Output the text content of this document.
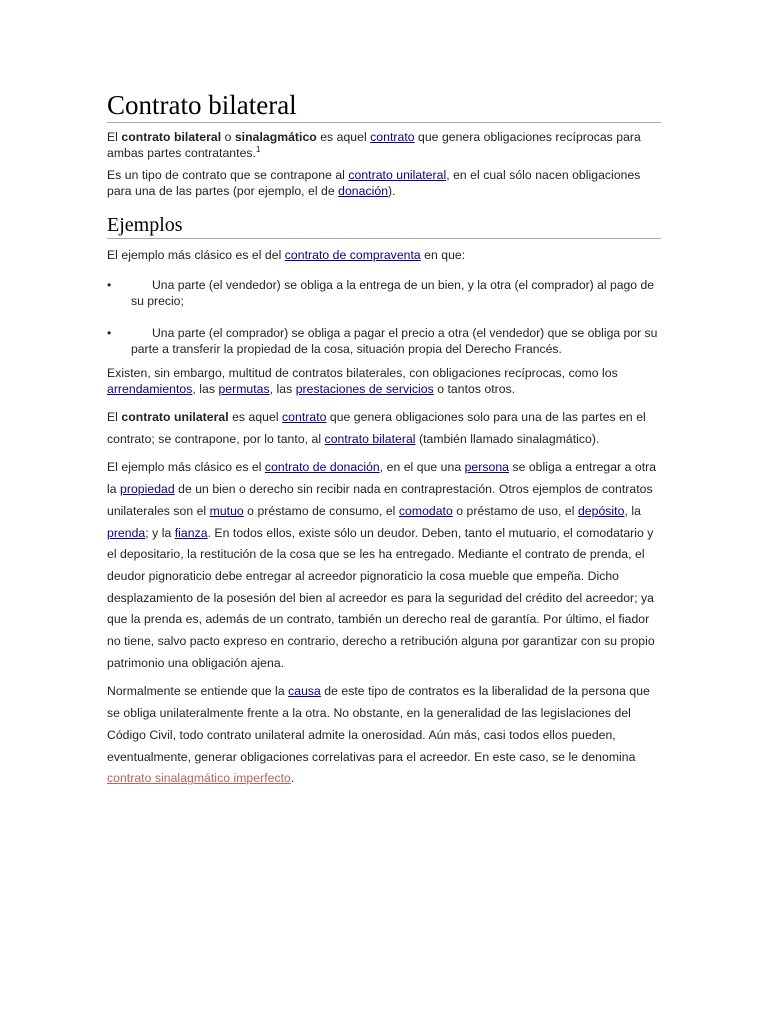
Contrato bilateral

El contrato bilateral o sinalagmático es aquel contrato que genera obligaciones recíprocas para ambas partes contratantes.$^1$

Es un tipo de contrato que se contrapone al contrato unilateral, en el cual sólo nacen obligaciones para una de las partes (por ejemplo, el de donación).

Ejemplos

El ejemplo más clásico es el del contrato de compraventa en que:

•	Una parte (el vendedor) se obliga a la entrega de un bien, y la otra (el comprador) al pago de su precio;
•	Una parte (el comprador) se obliga a pagar el precio a otra (el vendedor) que se obliga por su parte a transferir la propiedad de la cosa, situación propia del Derecho Francés.

Existen, sin embargo, multitud de contratos bilaterales, con obligaciones recíprocas, como los arrendamientos, las permutas, las prestaciones de servicios o tantos otros.

El contrato unilateral es aquel contrato que genera obligaciones solo para una de las partes en el contrato; se contrapone, por lo tanto, al contrato bilateral (también llamado sinalagmático).

El ejemplo más clásico es el contrato de donación, en el que una persona se obliga a entregar a otra la propiedad de un bien o derecho sin recibir nada en contraprestación. Otros ejemplos de contratos unilaterales son el mutuo o préstamo de consumo, el comodato o préstamo de uso, el depósito, la prenda; y la fianza. En todos ellos, existe sólo un deudor. Deben, tanto el mutuario, el comodatario y el depositario, la restitución de la cosa que se les ha entregado. Mediante el contrato de prenda, el deudor pignoraticio debe entregar al acreedor pignoraticio la cosa mueble que empeña. Dicho desplazamiento de la posesión del bien al acreedor es para la seguridad del crédito del acreedor; ya que la prenda es, además de un contrato, también un derecho real de garantía. Por último, el fiador no tiene, salvo pacto expreso en contrario, derecho a retribución alguna por garantizar con su propio patrimonio una obligación ajena.

Normalmente se entiende que la causa de este tipo de contratos es la liberalidad de la persona que se obliga unilateralmente frente a la otra. No obstante, en la generalidad de las legislaciones del Código Civil, todo contrato unilateral admite la onerosidad. Aún más, casi todos ellos pueden, eventualmente, generar obligaciones correlativas para el acreedor. En este caso, se le denomina contrato sinalagmático imperfecto.
